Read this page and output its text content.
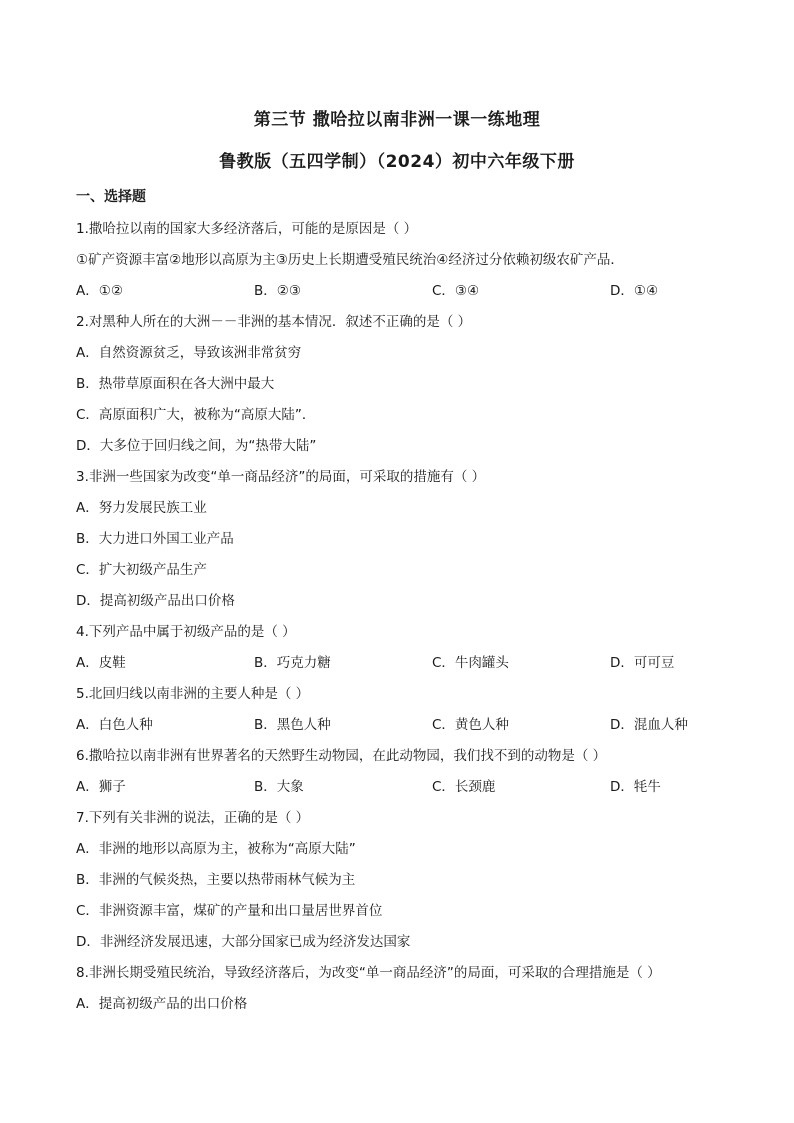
第三节 撒哈拉以南非洲一课一练地理
鲁教版（五四学制）（2024）初中六年级下册
一、选择题
1.撒哈拉以南的国家大多经济落后，可能的是原因是（ ）
①矿产资源丰富②地形以高原为主③历史上长期遭受殖民统治④经济过分依赖初级农矿产品．
A．①②	B．②③	C．③④	D．①④
2.对黑种人所在的大洲－－非洲的基本情况．叙述不正确的是（ ）
A．自然资源贫乏，导致该洲非常贫穷
B．热带草原面积在各大洲中最大
C．高原面积广大，被称为“高原大陆”．
D．大多位于回归线之间，为“热带大陆”
3.非洲一些国家为改变“单一商品经济”的局面，可采取的措施有（ ）
A．努力发展民族工业
B．大力进口外国工业产品
C．扩大初级产品生产
D．提高初级产品出口价格
4.下列产品中属于初级产品的是（ ）
A．皮鞋	B．巧克力糖	C．牛肉罐头	D．可可豆
5.北回归线以南非洲的主要人种是（ ）
A．白色人种	B．黑色人种	C．黄色人种	D．混血人种
6.撒哈拉以南非洲有世界著名的天然野生动物园，在此动物园，我们找不到的动物是（ ）
A．狮子	B．大象	C．长颈鹿	D．牦牛
7.下列有关非洲的说法，正确的是（ ）
A．非洲的地形以高原为主，被称为“高原大陆”
B．非洲的气候炎热，主要以热带雨林气候为主
C．非洲资源丰富，煤矿的产量和出口量居世界首位
D．非洲经济发展迅速，大部分国家已成为经济发达国家
8.非洲长期受殖民统治，导致经济落后，为改变“单一商品经济”的局面，可采取的合理措施是（ ）
A．提高初级产品的出口价格
